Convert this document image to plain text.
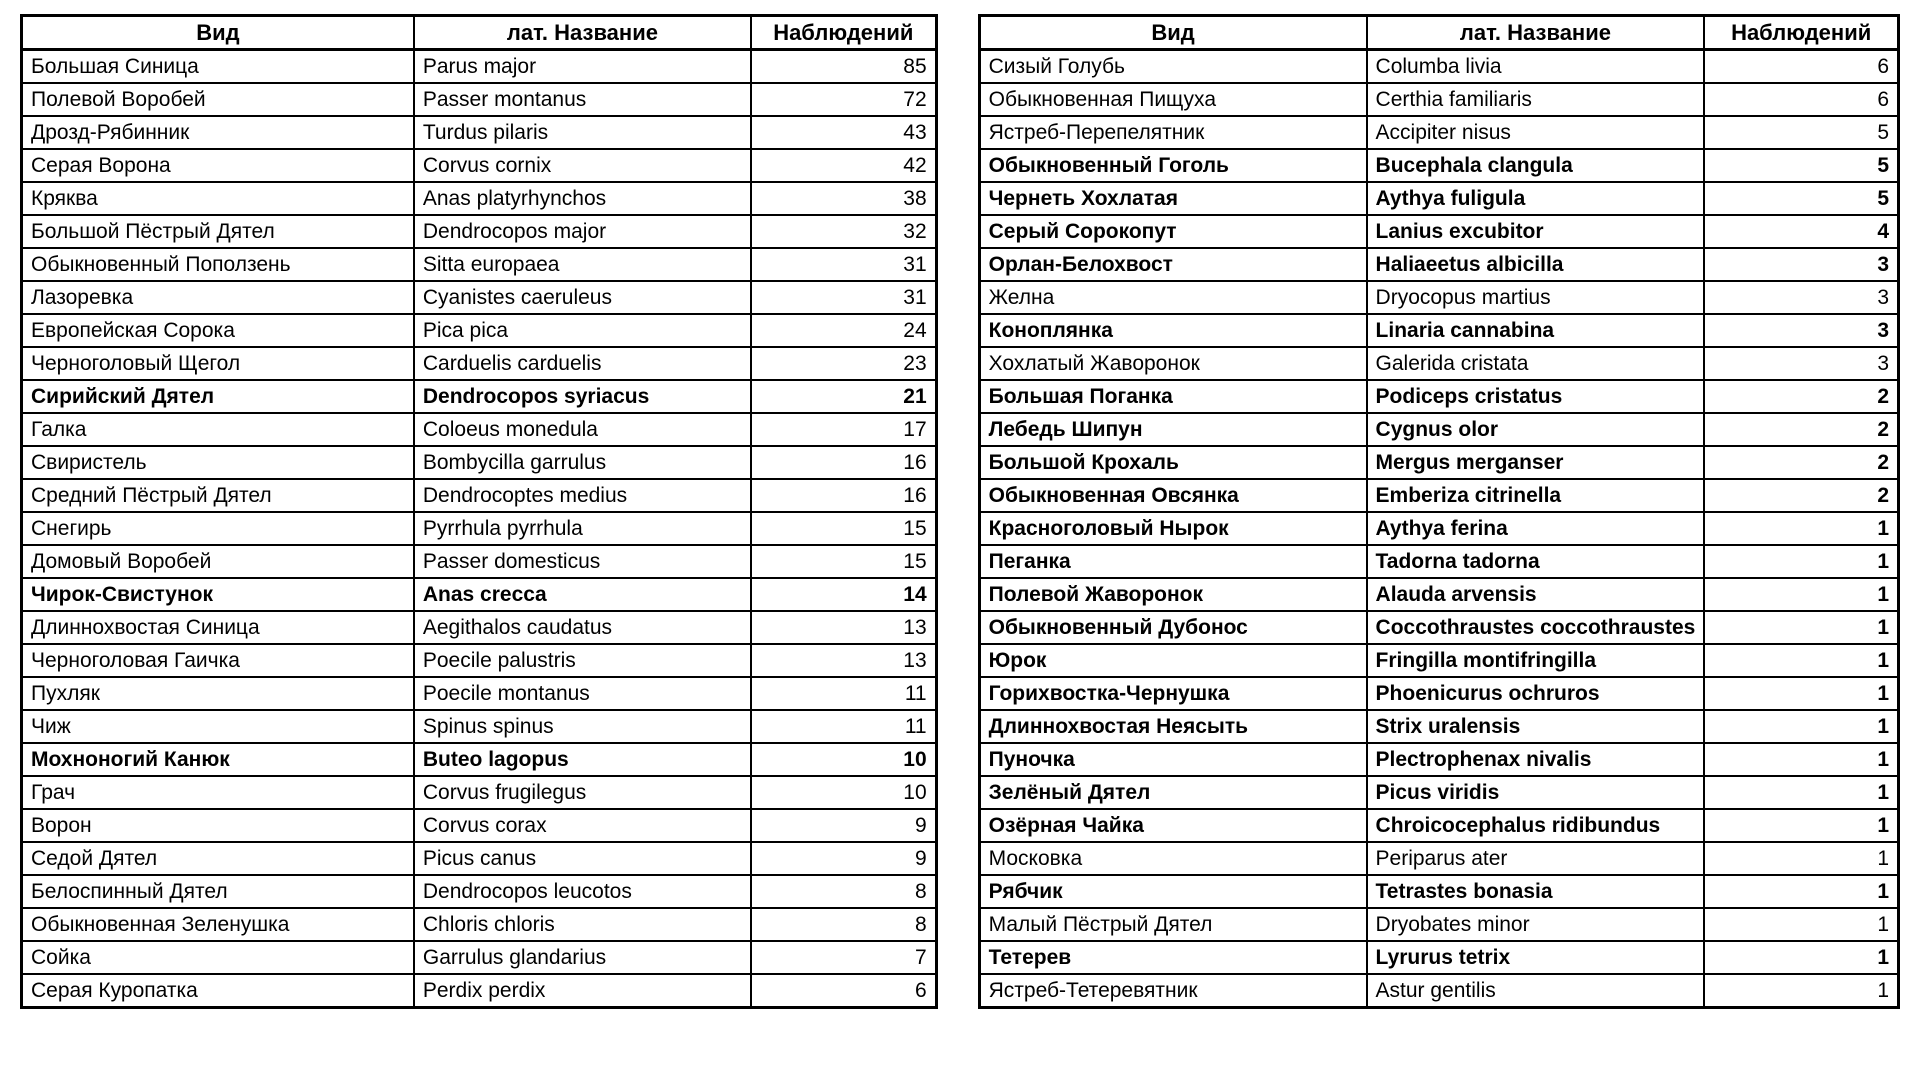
Вид	лат. Название	Наблюдений
Большая Синица	Parus major	85
Полевой Воробей	Passer montanus	72
Дрозд-Рябинник	Turdus pilaris	43
Серая Ворона	Corvus cornix	42
Кряква	Anas platyrhynchos	38
Большой Пёстрый Дятел	Dendrocopos major	32
Обыкновенный Поползень	Sitta europaea	31
Лазоревка	Cyanistes caeruleus	31
Европейская Сорока	Pica pica	24
Черноголовый Щегол	Carduelis carduelis	23
Сирийский Дятел	Dendrocopos syriacus	21
Галка	Coloeus monedula	17
Свиристель	Bombycilla garrulus	16
Средний Пёстрый Дятел	Dendrocoptes medius	16
Снегирь	Pyrrhula pyrrhula	15
Домовый Воробей	Passer domesticus	15
Чирок-Свистунок	Anas crecca	14
Длиннохвостая Синица	Aegithalos caudatus	13
Черноголовая Гаичка	Poecile palustris	13
Пухляк	Poecile montanus	11
Чиж	Spinus spinus	11
Мохноногий Канюк	Buteo lagopus	10
Грач	Corvus frugilegus	10
Ворон	Corvus corax	9
Седой Дятел	Picus canus	9
Белоспинный Дятел	Dendrocopos leucotos	8
Обыкновенная Зеленушка	Chloris chloris	8
Сойка	Garrulus glandarius	7
Серая Куропатка	Perdix perdix	6
Вид	лат. Название	Наблюдений
Сизый Голубь	Columba livia	6
Обыкновенная Пищуха	Certhia familiaris	6
Ястреб-Перепелятник	Accipiter nisus	5
Обыкновенный Гоголь	Bucephala clangula	5
Чернеть Хохлатая	Aythya fuligula	5
Серый Сорокопут	Lanius excubitor	4
Орлан-Белохвост	Haliaeetus albicilla	3
Желна	Dryocopus martius	3
Коноплянка	Linaria cannabina	3
Хохлатый Жаворонок	Galerida cristata	3
Большая Поганка	Podiceps cristatus	2
Лебедь Шипун	Cygnus olor	2
Большой Крохаль	Mergus merganser	2
Обыкновенная Овсянка	Emberiza citrinella	2
Красноголовый Нырок	Aythya ferina	1
Пеганка	Tadorna tadorna	1
Полевой Жаворонок	Alauda arvensis	1
Обыкновенный Дубонос	Coccothraustes coccothraustes	1
Юрок	Fringilla montifringilla	1
Горихвостка-Чернушка	Phoenicurus ochruros	1
Длиннохвостая Неясыть	Strix uralensis	1
Пуночка	Plectrophenax nivalis	1
Зелёный Дятел	Picus viridis	1
Озёрная Чайка	Chroicocephalus ridibundus	1
Московка	Periparus ater	1
Рябчик	Tetrastes bonasia	1
Малый Пёстрый Дятел	Dryobates minor	1
Тетерев	Lyrurus tetrix	1
Ястреб-Тетеревятник	Astur gentilis	1
